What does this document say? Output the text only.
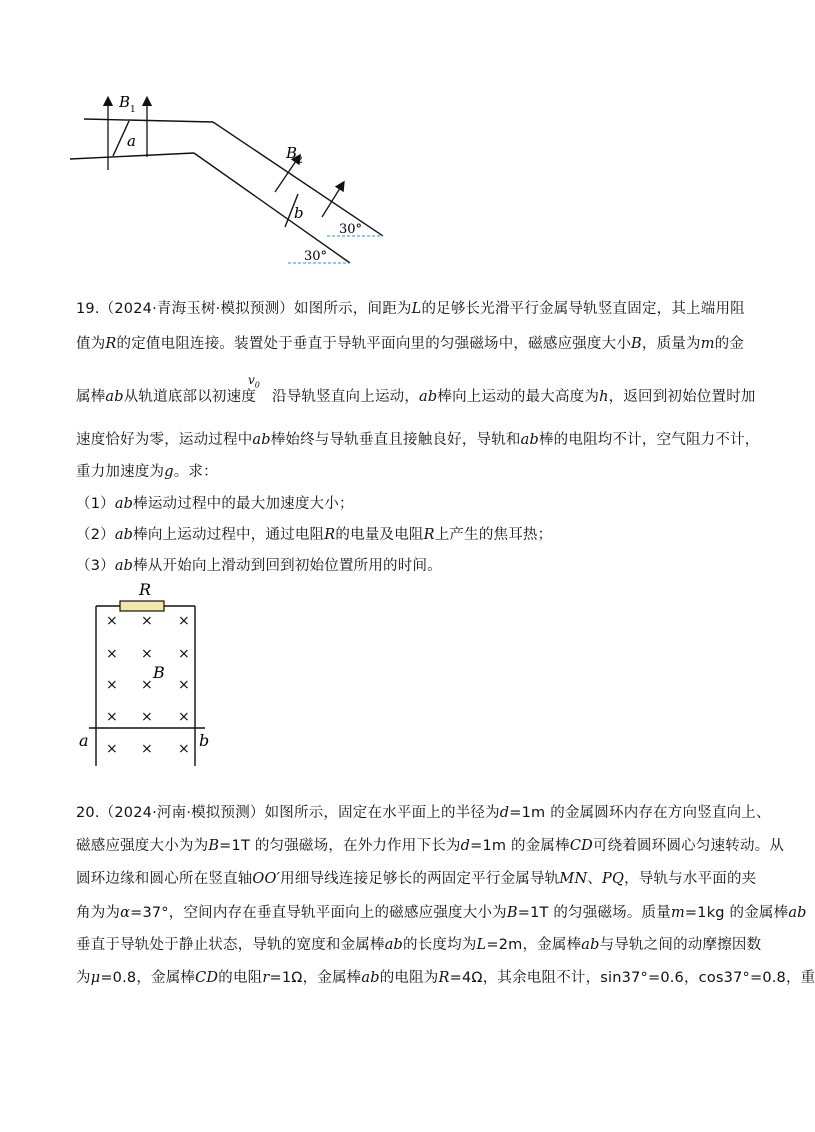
B 1
a
B 2
b
30°
30°
19.（2024·青海玉树·模拟预测）如图所示，间距为L的足够长光滑平行金属导轨竖直固定，其上端用阻
值为R的定值电阻连接。装置处于垂直于导轨平面向里的匀强磁场中，磁感应强度大小B，质量为m的金
$v_0$
属棒ab从轨道底部以初速度 沿导轨竖直向上运动，ab棒向上运动的最大高度为h，返回到初始位置时加
速度恰好为零，运动过程中ab棒始终与导轨垂直且接触良好，导轨和ab棒的电阻均不计，空气阻力不计，
重力加速度为g。求：
（1）ab棒运动过程中的最大加速度大小；
（2）ab棒向上运动过程中，通过电阻R的电量及电阻R上产生的焦耳热；
（3）ab棒从开始向上滑动到回到初始位置所用的时间。
R
B
a	b
× × ×
× × ×
× × ×
× × ×
× × ×
20.（2024·河南·模拟预测）如图所示，固定在水平面上的半径为d=1m 的金属圆环内存在方向竖直向上、
磁感应强度大小为为B=1T 的匀强磁场，在外力作用下长为d=1m 的金属棒CD可绕着圆环圆心匀速转动。从
圆环边缘和圆心所在竖直轴OO′用细导线连接足够长的两固定平行金属导轨MN、PQ，导轨与水平面的夹
角为为α=37°，空间内存在垂直导轨平面向上的磁感应强度大小为B=1T 的匀强磁场。质量m=1kg 的金属棒ab
垂直于导轨处于静止状态，导轨的宽度和金属棒ab的长度均为L=2m，金属棒ab与导轨之间的动摩擦因数
为μ=0.8，金属棒CD的电阻r=1Ω，金属棒ab的电阻为R=4Ω，其余电阻不计，sin37°=0.6，cos37°=0.8，重
